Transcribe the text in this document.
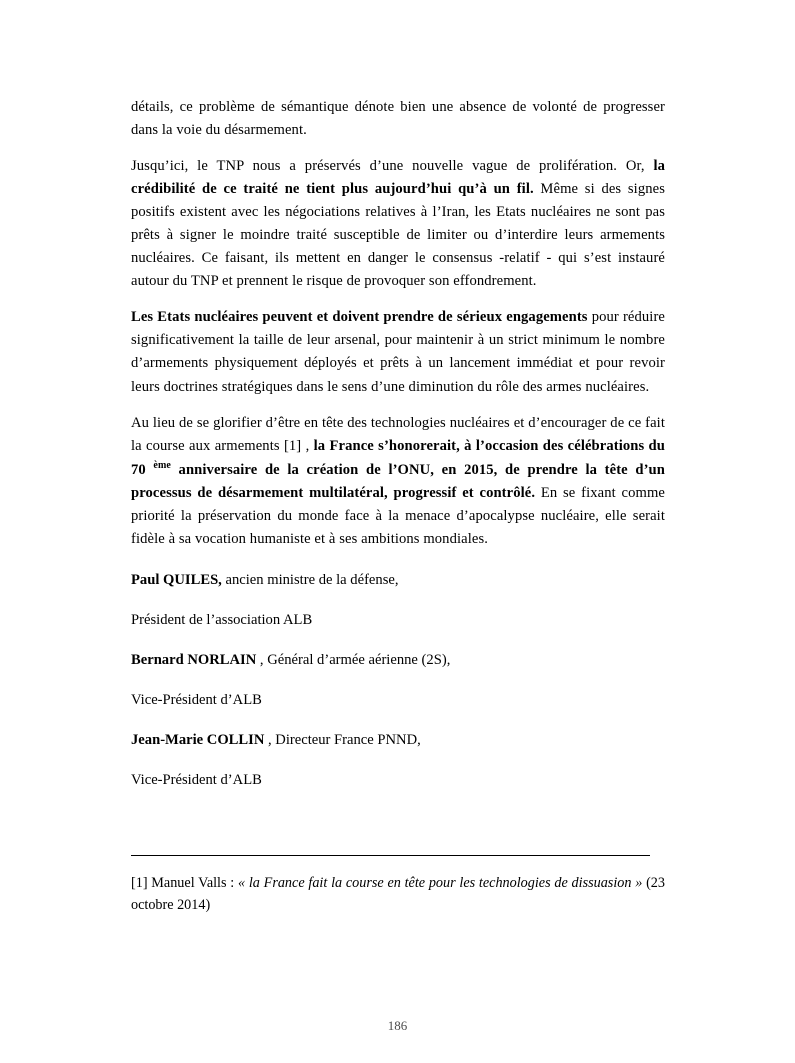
détails, ce problème de sémantique dénote bien une absence de volonté de progresser dans la voie du désarmement.

Jusqu’ici, le TNP nous a préservés d’une nouvelle vague de prolifération. Or, la crédibilité de ce traité ne tient plus aujourd’hui qu’à un fil. Même si des signes positifs existent avec les négociations relatives à l’Iran, les Etats nucléaires ne sont pas prêts à signer le moindre traité susceptible de limiter ou d’interdire leurs armements nucléaires. Ce faisant, ils mettent en danger le consensus -relatif - qui s’est instauré autour du TNP et prennent le risque de provoquer son effondrement.

Les Etats nucléaires peuvent et doivent prendre de sérieux engagements pour réduire significativement la taille de leur arsenal, pour maintenir à un strict minimum le nombre d’armements physiquement déployés et prêts à un lancement immédiat et pour revoir leurs doctrines stratégiques dans le sens d’une diminution du rôle des armes nucléaires.

Au lieu de se glorifier d’être en tête des technologies nucléaires et d’encourager de ce fait la course aux armements [1] , la France s’honorerait, à l’occasion des célébrations du 70 $^{ème}$ anniversaire de la création de l’ONU, en 2015, de prendre la tête d’un processus de désarmement multilatéral, progressif et contrôlé. En se fixant comme priorité la préservation du monde face à la menace d’apocalypse nucléaire, elle serait fidèle à sa vocation humaniste et à ses ambitions mondiales.

Paul QUILES, ancien ministre de la défense,

Président de l’association ALB

Bernard NORLAIN , Général d’armée aérienne (2S),

Vice-Président d’ALB

Jean-Marie COLLIN , Directeur France PNND,

Vice-Président d’ALB

[1] Manuel Valls : « la France fait la course en tête pour les technologies de dissuasion » (23 octobre 2014)
186
